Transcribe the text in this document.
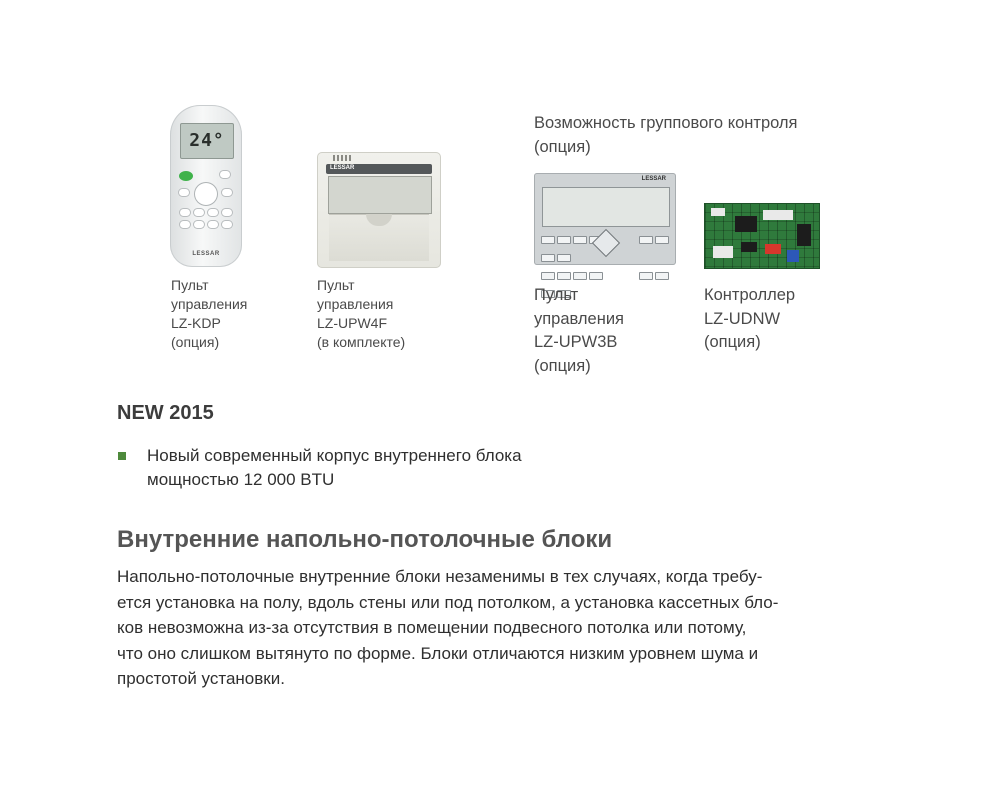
24°
LESSAR
Пульт
управления
LZ-KDP
(опция)
LESSAR
Пульт
управления
LZ-UPW4F
(в комплекте)
Возможность группового контроля
(опция)
LESSAR

Пульт
управления
LZ-UPW3B
(опция)
Контроллер
LZ-UDNW
(опция)
NEW 2015
Новый современный корпус внутреннего блока
мощностью 12 000 BTU
Внутренние напольно-потолочные блоки
Напольно-потолочные внутренние блоки незаменимы в тех случаях, когда требу-
ется установка на полу, вдоль стены или под потолком, а установка кассетных бло-
ков невозможна из-за отсутствия в помещении подвесного потолка или потому,
что оно слишком вытянуто по форме. Блоки отличаются низким уровнем шума и
простотой установки.
